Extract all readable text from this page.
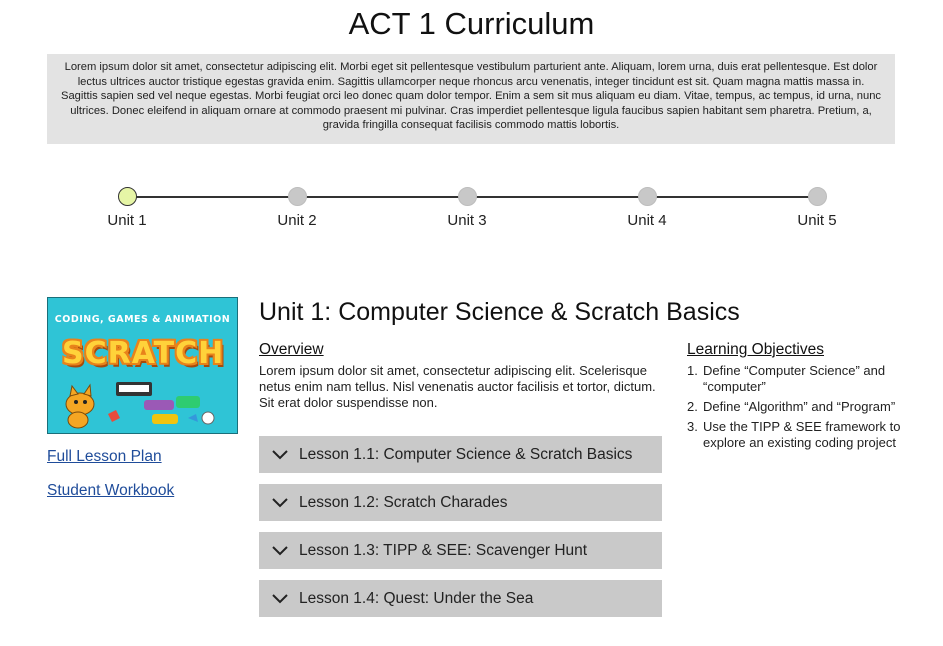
ACT 1 Curriculum
Lorem ipsum dolor sit amet, consectetur adipiscing elit. Morbi eget sit pellentesque vestibulum parturient ante. Aliquam, lorem urna, duis erat pellentesque. Est dolor lectus ultrices auctor tristique egestas gravida enim. Sagittis ullamcorper neque rhoncus arcu venenatis, integer tincidunt est sit. Quam magna mattis massa in. Sagittis sapien sed vel neque egestas. Morbi feugiat orci leo donec quam dolor tempor. Enim a sem sit mus aliquam eu diam. Vitae, tempus, ac tempus, id urna, nunc ultrices. Donec eleifend in aliquam ornare at commodo praesent mi pulvinar. Cras imperdiet pellentesque ligula faucibus sapien habitant sem pharetra. Pretium, a, gravida fringilla consequat facilisis commodo mattis lobortis.
Unit 1	Unit 2	Unit 3	Unit 4	Unit 5
CODING, GAMES & ANIMATION
SCRATCH
Full Lesson Plan
Student Workbook
Unit 1: Computer Science & Scratch Basics
Overview
Lorem ipsum dolor sit amet, consectetur adipiscing elit. Scelerisque netus enim nam tellus. Nisl venenatis auctor facilisis et tortor, dictum. Sit erat dolor suspendisse non.
Lesson 1.1: Computer Science & Scratch Basics
Lesson 1.2: Scratch Charades
Lesson 1.3: TIPP & SEE: Scavenger Hunt
Lesson 1.4: Quest: Under the Sea
Learning Objectives
1. Define “Computer Science” and “computer”
2. Define “Algorithm” and “Program”
3. Use the TIPP & SEE framework to explore an existing coding project
